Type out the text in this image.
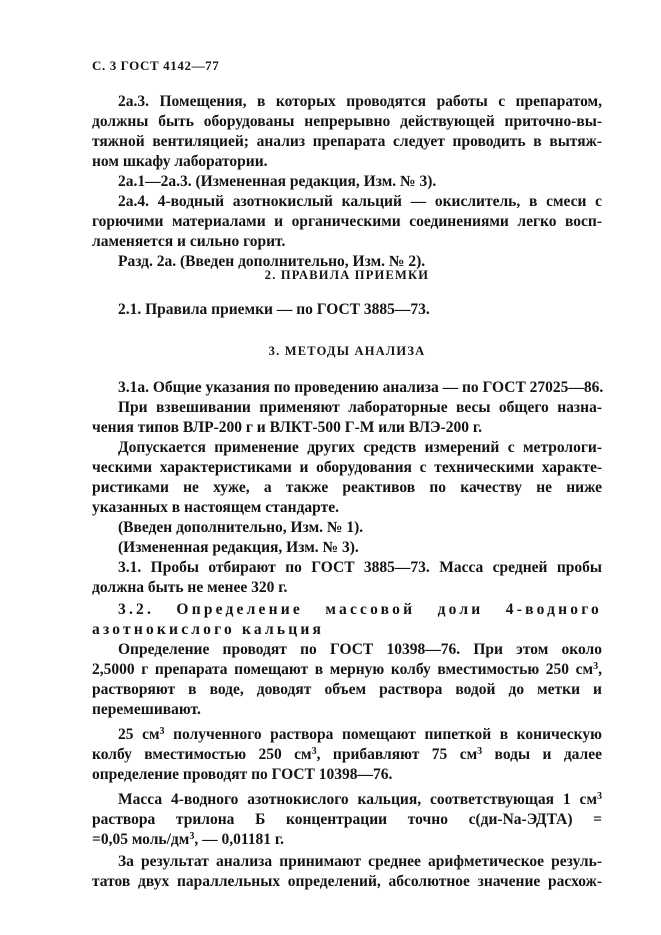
С. 3 ГОСТ 4142—77
2а.3. Помещения, в которых проводятся работы с препаратом,
должны быть оборудованы непрерывно действующей приточно-вы-
тяжной вентиляцией; анализ препарата следует проводить в вытяж-
ном шкафу лаборатории.
2а.1—2а.3. (Измененная редакция, Изм. № 3).
2а.4. 4-водный азотнокислый кальций — окислитель, в смеси с
горючими материалами и органическими соединениями легко восп-
ламеняется и сильно горит.
Разд. 2а. (Введен дополнительно, Изм. № 2).
2. ПРАВИЛА ПРИЕМКИ
2.1. Правила приемки — по ГОСТ 3885—73.
3. МЕТОДЫ АНАЛИЗА
3.1а. Общие указания по проведению анализа — по ГОСТ 27025—86.
При взвешивании применяют лабораторные весы общего назна-
чения типов ВЛР-200 г и ВЛКТ-500 Г-М или ВЛЭ-200 г.
Допускается применение других средств измерений с метрологи-
ческими характеристиками и оборудования с техническими характе-
ристиками не хуже, а также реактивов по качеству не ниже
указанных в настоящем стандарте.
(Введен дополнительно, Изм. № 1).
(Измененная редакция, Изм. № 3).
3.1. Пробы отбирают по ГОСТ 3885—73. Масса средней пробы
должна быть не менее 320 г.
3.2. Определение массовой доли 4-водного
азотнокислого кальция
Определение проводят по ГОСТ 10398—76. При этом около
2,5000 г препарата помещают в мерную колбу вместимостью 250 $см^3$,
растворяют в воде, доводят объем раствора водой до метки и
перемешивают.
25 $см^3$ полученного раствора помещают пипеткой в коническую
колбу вместимостью 250 $см^3$, прибавляют 75 $см^3$ воды и далее
определение проводят по ГОСТ 10398—76.
Масса 4-водного азотнокислого кальция, соответствующая 1 $см^3$
раствора трилона Б концентрации точно с(ди-Na-ЭДТА) =
=0,05 моль/$дм^3$, — 0,01181 г.
За результат анализа принимают среднее арифметическое резуль-
татов двух параллельных определений, абсолютное значение расхож-
